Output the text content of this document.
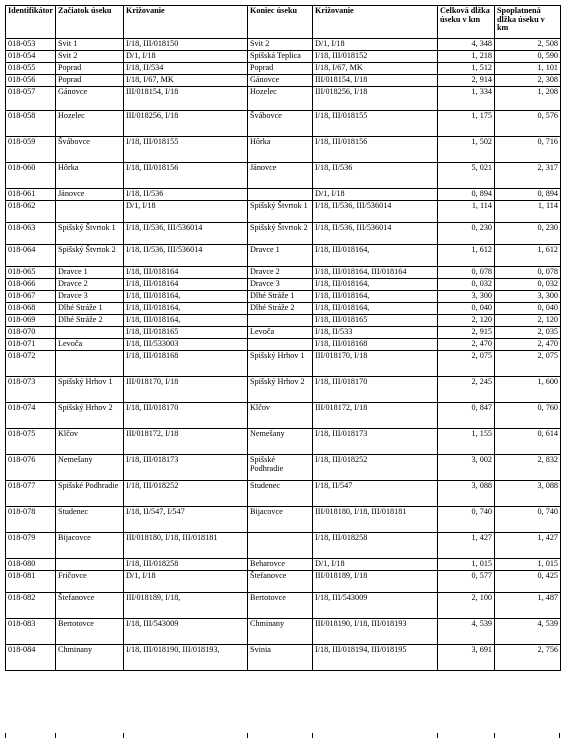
Identifikátor	Začiatok úseku	Križovanie	Koniec úseku	Križovanie	Celková dĺžka úseku v km	Spoplatnená dĺžka úseku v km
018-053	Svit 1	I/18, III/018150	Svit 2	D/1, I/18	4, 348	2, 508
018-054	Svit 2	D/1, I/18	Spišská Teplica	I/18, III/018152	1, 218	0, 590
018-055	Poprad	I/18, II/534	Poprad	I/18, I/67, MK	1, 512	1, 101
018-056	Poprad	I/18, I/67, MK	Gánovce	III/018154, I/18	2, 914	2, 308
018-057	Gánovce	III/018154, I/18	Hozelec	III/018256, I/18	1, 334	1, 208
018-058	Hozelec	III/018256, I/18	Švábovce	I/18, III/018155	1, 175	0, 576
018-059	Švábovce	I/18, III/018155	Hôrka	I/18, III/018156	1, 502	0, 716
018-060	Hôrka	I/18, III/018156	Jánovce	I/18, II/536	5, 021	2, 317
018-061	Jánovce	I/18, II/536		D/1, I/18	0, 894	0, 894
018-062		D/1, I/18	Spišský Štvrtok 1	I/18, II/536, III/536014	1, 114	1, 114
018-063	Spišský Štvrtok 1	I/18, II/536, III/536014	Spišský Štvrtok 2	I/18, II/536, III/536014	0, 230	0, 230
018-064	Spišský Štvrtok 2	I/18, II/536, III/536014	Dravce 1	I/18, III/018164,	1, 612	1, 612
018-065	Dravce 1	I/18, III/018164	Dravce 2	I/18, III/018164, III/018164	0, 078	0, 078
018-066	Dravce 2	I/18, III/018164	Dravce 3	I/18, III/018164,	0, 032	0, 032
018-067	Dravce 3	I/18, III/018164,	Dlhé Stráže 1	I/18, III/018164,	3, 300	3, 300
018-068	Dlhé Stráže 1	I/18, III/018164,	Dlhé Stráže 2	I/18, III/018164,	0, 040	0, 040
018-069	Dlhé Stráže 2	I/18, III/018164,		I/18, III/018165	2, 120	2, 120
018-070		I/18, III/018165	Levoča	I/18, II/533	2, 915	2, 035
018-071	Levoča	I/18, III/533003		I/18, III/018168	2, 470	2, 470
018-072		I/18, III/018168	Spišský Hrhov 1	III/018170, I/18	2, 075	2, 075
018-073	Spišský Hrhov 1	III/018170, I/18	Spišský Hrhov 2	I/18, III/018170	2, 245	1, 600
018-074	Spišský Hrhov 2	I/18, III/018170	Klčov	III/018172, I/18	0, 847	0, 760
018-075	Klčov	III/018172, I/18	Nemešany	I/18, III/018173	1, 155	0, 614
018-076	Nemešany	I/18, III/018173	Spišské Podhradie	I/18, III/018252	3, 002	2, 832
018-077	Spišské Podhradie	I/18, III/018252	Studenec	I/18, II/547	3, 088	3, 088
018-078	Studenec	I/18, II/547, I/547	Bijacovce	III/018180, I/18, III/018181	0, 740	0, 740
018-079	Bijacovce	III/018180, I/18, III/018181		I/18, III/018258	1, 427	1, 427
018-080		I/18, III/018258	Beharovce	D/1, I/18	1, 015	1, 015
018-081	Fričovce	D/1, I/18	Štefanovce	III/018189, I/18	0, 577	0, 425
018-082	Štefanovce	III/018189, I/18,	Bertotovce	I/18, III/543009	2, 100	1, 487
018-083	Bertotovce	I/18, III/543009	Chminany	III/018190, I/18, III/018193	4, 539	4, 539
018-084	Chminany	I/18, III/018190, III/018193,	Svinia	I/18, III/018194, III/018195	3, 691	2, 756
